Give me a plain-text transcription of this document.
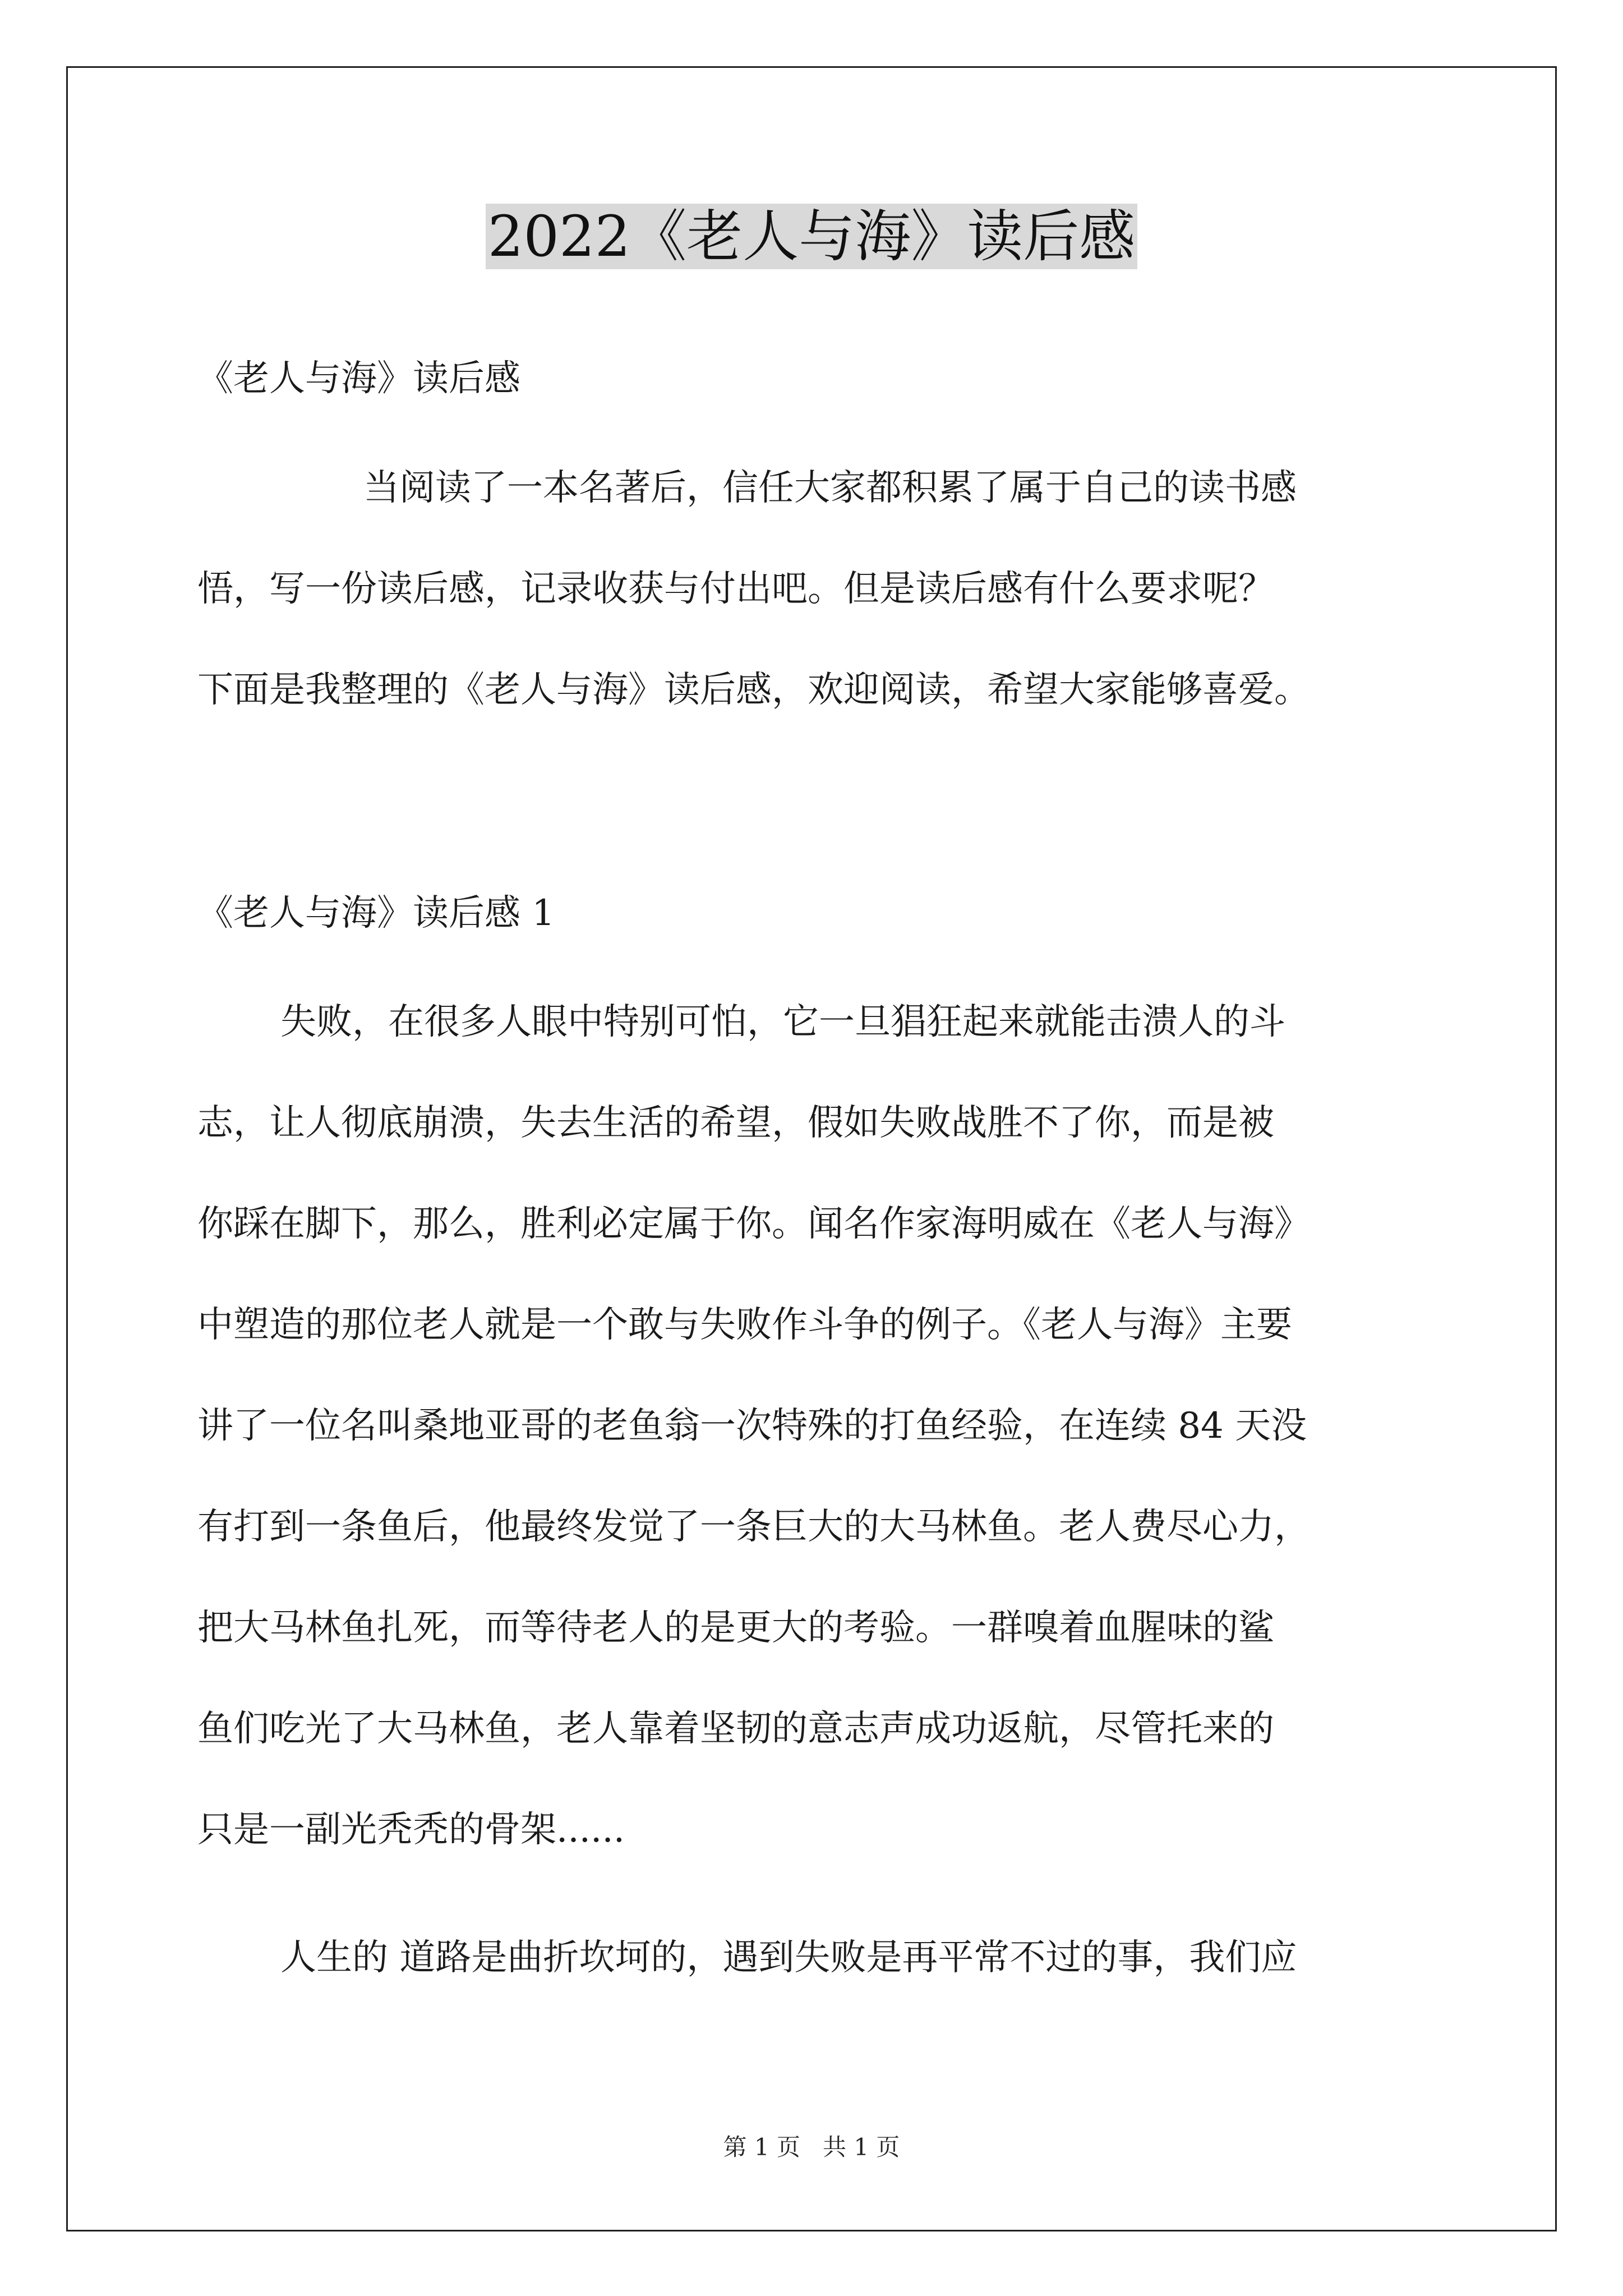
2022《老人与海》读后感
《老人与海》读后感
当阅读了一本名著后，信任大家都积累了属于自己的读书感
悟，写一份读后感，记录收获与付出吧。但是读后感有什么要求呢？
下面是我整理的《老人与海》读后感，欢迎阅读，希望大家能够喜爱。
《老人与海》读后感 1
失败，在很多人眼中特别可怕，它一旦猖狂起来就能击溃人的斗
志，让人彻底崩溃，失去生活的希望，假如失败战胜不了你，而是被
你踩在脚下，那么，胜利必定属于你。闻名作家海明威在《老人与海》
中塑造的那位老人就是一个敢与失败作斗争的例子。《老人与海》主要
讲了一位名叫桑地亚哥的老鱼翁一次特殊的打鱼经验，在连续 84 天没
有打到一条鱼后，他最终发觉了一条巨大的大马林鱼。老人费尽心力，
把大马林鱼扎死，而等待老人的是更大的考验。一群嗅着血腥味的鲨
鱼们吃光了大马林鱼，老人靠着坚韧的意志声成功返航，尽管托来的
只是一副光秃秃的骨架......
人生的 道路是曲折坎坷的，遇到失败是再平常不过的事，我们应
第 1 页 共 1 页
